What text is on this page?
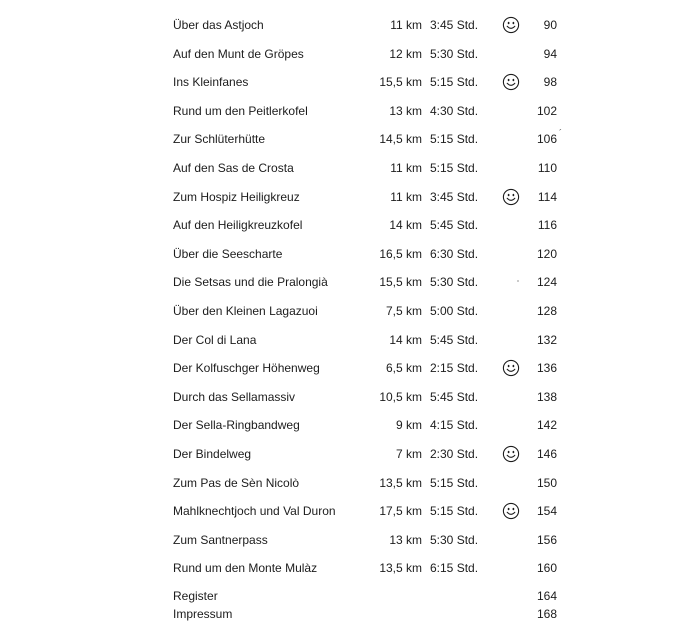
Über das Astjoch	11 km 3:45 Std.	90
Auf den Munt de Gröpes	12 km 5:30 Std.	94
Ins Kleinfanes	15,5 km 5:15 Std.	98
Rund um den Peitlerkofel	13 km 4:30 Std.	102
Zur Schlüterhütte	14,5 km 5:15 Std.	106 ´
Auf den Sas de Crosta	11 km 5:15 Std.	110
Zum Hospiz Heiligkreuz	11 km 3:45 Std.	114
Auf den Heiligkreuzkofel	14 km 5:45 Std.	116
Über die Seescharte	16,5 km 6:30 Std.	120
Die Setsas und die Pralongià	15,5 km 5:30 Std.	124
Über den Kleinen Lagazuoi	7,5 km 5:00 Std.	128
Der Col di Lana	14 km 5:45 Std.	132
Der Kolfuschger Höhenweg	6,5 km 2:15 Std.	136
Durch das Sellamassiv	10,5 km 5:45 Std.	138
Der Sella-Ringbandweg	9 km 4:15 Std.	142
Der Bindelweg	7 km 2:30 Std.	146
Zum Pas de Sèn Nicolò	13,5 km 5:15 Std.	150
Mahlknechtjoch und Val Duron	17,5 km 5:15 Std.	154
Zum Santnerpass	13 km 5:30 Std.	156
Rund um den Monte Mulàz	13,5 km 6:15 Std.	160
Register	164
Impressum	168
